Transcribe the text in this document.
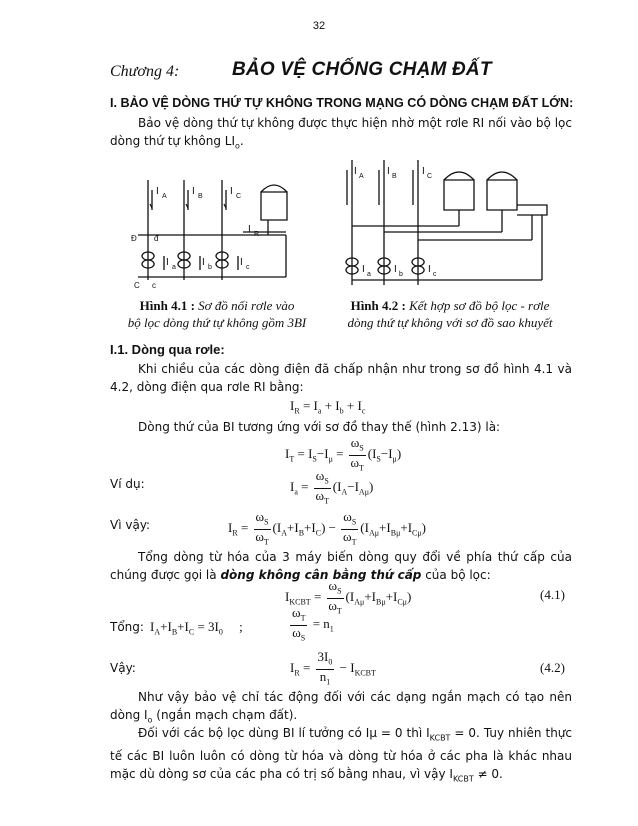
32
Chương 4:	BẢO VỆ CHỐNG CHẠM ĐẤT
I. BẢO VỆ DÒNG THỨ TỰ KHÔNG TRONG MẠNG CÓ DÒNG CHẠM ĐẤT LỚN:
Bảo vệ dòng thứ tự không được thực hiện nhờ một rơle RI nối vào bộ lọc dòng thứ tự không $LI_o$.
I A	I B	I C
I R
Đ đ
I a	I b	I c
C c
Hình 4.1 : Sơ đồ nối rơle vào
bộ lọc dòng thứ tự không gồm 3BI
I A I B	I C
I a I b	I c
Hình 4.2 : Kết hợp sơ đồ bộ lọc - rơle
dòng thứ tự không với sơ đồ sao khuyết
I.1. Dòng qua rơle:
Khi chiều của các dòng điện đã chấp nhận như trong sơ đồ hình 4.1 và 4.2, dòng điện qua rơle RI bằng:
$I_R = I_a + I_b + I_c$
Dòng thứ của BI tương ứng với sơ đồ thay thế (hình 2.13) là:
$I_T = I_S-I_\mu = \frac{\omega_S}{\omega_T} (I_S-I_\mu)$
Ví dụ:	$I_a = \frac{\omega_S}{\omega_T} (I_A-I_{A\mu})$
Vì vậy:	$I_R = \frac{\omega_S}{\omega_T} (I_A+I_B+I_C) - \frac{\omega_S}{\omega_T} (I_{A\mu}+I_{B\mu}+I_{C\mu})$
Tổng dòng từ hóa của 3 máy biến dòng quy đổi về phía thứ cấp của chúng được gọi là dòng không cân bằng thứ cấp của bộ lọc:
$I_{KCBT} = \frac{\omega_S}{\omega_T} (I_{A\mu}+I_{B\mu}+I_{C\mu})$	(4.1)
Tổng: $I_A+I_B+I_C = 3I_0$ ;	$\frac{\omega_T}{\omega_S} = n_1$
Vậy:	$I_R = \frac{3I_0}{n_1} - I_{KCBT}$	(4.2)
Như vậy bảo vệ chỉ tác động đối với các dạng ngắn mạch có tạo nên dòng $I_o$ (ngắn mạch chạm đất).
Đối với các bộ lọc dùng BI lí tưởng có Iμ = 0 thì $I_{KCBT} = 0$. Tuy nhiên thực tế các BI luôn luôn có dòng từ hóa và dòng từ hóa ở các pha là khác nhau mặc dù dòng sơ của các pha có trị số bằng nhau, vì vậy $I_{KCBT} \ne 0$.
